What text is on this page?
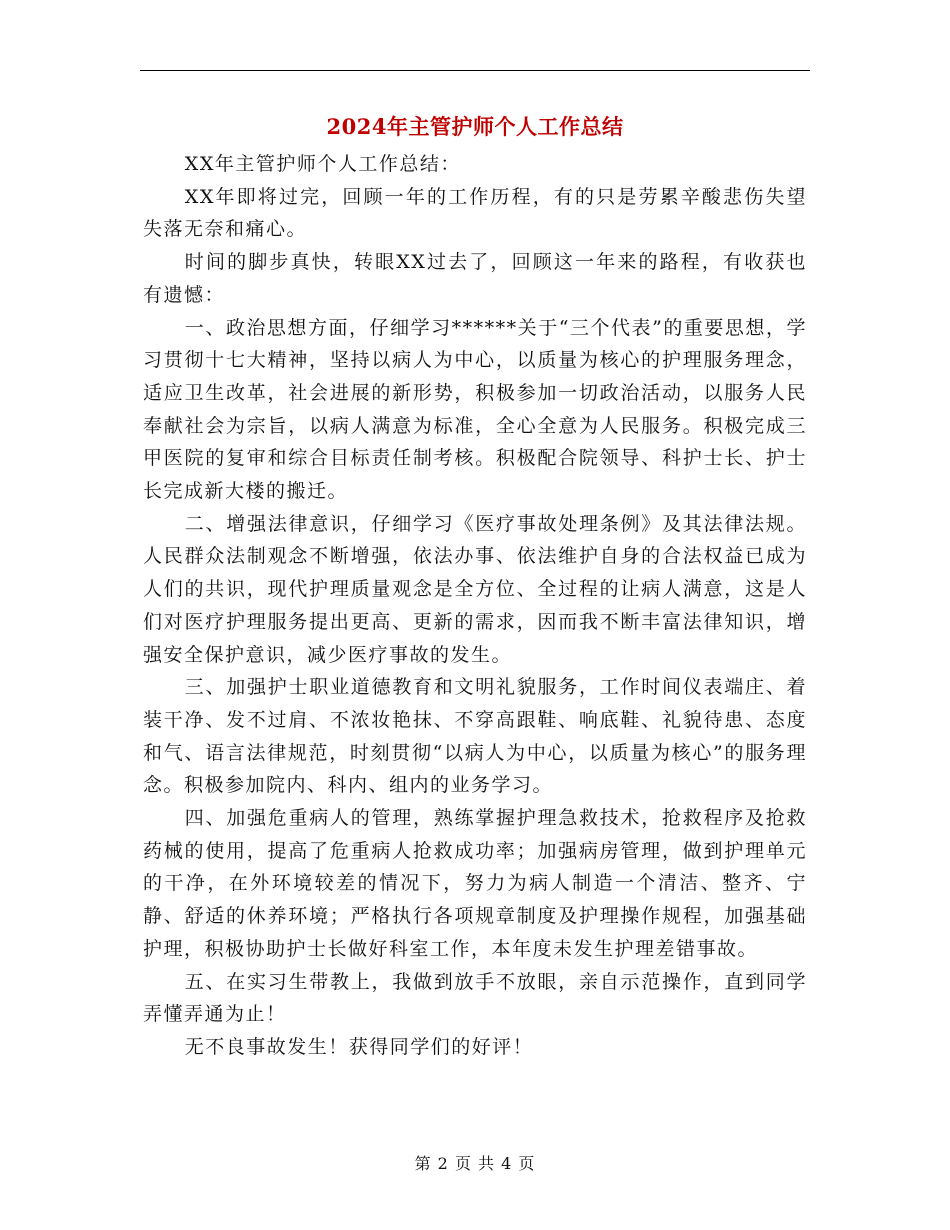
2024年主管护师个人工作总结

XX年主管护师个人工作总结：

XX年即将过完，回顾一年的工作历程，有的只是劳累辛酸悲伤失望失落无奈和痛心。

时间的脚步真快，转眼XX过去了，回顾这一年来的路程，有收获也有遗憾：

一、政治思想方面，仔细学习******关于“三个代表”的重要思想，学习贯彻十七大精神，坚持以病人为中心，以质量为核心的护理服务理念，适应卫生改革，社会进展的新形势，积极参加一切政治活动，以服务人民奉献社会为宗旨，以病人满意为标准，全心全意为人民服务。积极完成三甲医院的复审和综合目标责任制考核。积极配合院领导、科护士长、护士长完成新大楼的搬迁。

二、增强法律意识，仔细学习《医疗事故处理条例》及其法律法规。人民群众法制观念不断增强，依法办事、依法维护自身的合法权益已成为人们的共识，现代护理质量观念是全方位、全过程的让病人满意，这是人们对医疗护理服务提出更高、更新的需求，因而我不断丰富法律知识，增强安全保护意识，减少医疗事故的发生。

三、加强护士职业道德教育和文明礼貌服务，工作时间仪表端庄、着装干净、发不过肩、不浓妆艳抹、不穿高跟鞋、响底鞋、礼貌待患、态度和气、语言法律规范，时刻贯彻“以病人为中心，以质量为核心”的服务理念。积极参加院内、科内、组内的业务学习。

四、加强危重病人的管理，熟练掌握护理急救技术，抢救程序及抢救药械的使用，提高了危重病人抢救成功率；加强病房管理，做到护理单元的干净，在外环境较差的情况下，努力为病人制造一个清洁、整齐、宁静、舒适的休养环境；严格执行各项规章制度及护理操作规程，加强基础护理，积极协助护士长做好科室工作，本年度未发生护理差错事故。

五、在实习生带教上，我做到放手不放眼，亲自示范操作，直到同学弄懂弄通为止！

无不良事故发生！获得同学们的好评！

第 2 页 共 4 页
